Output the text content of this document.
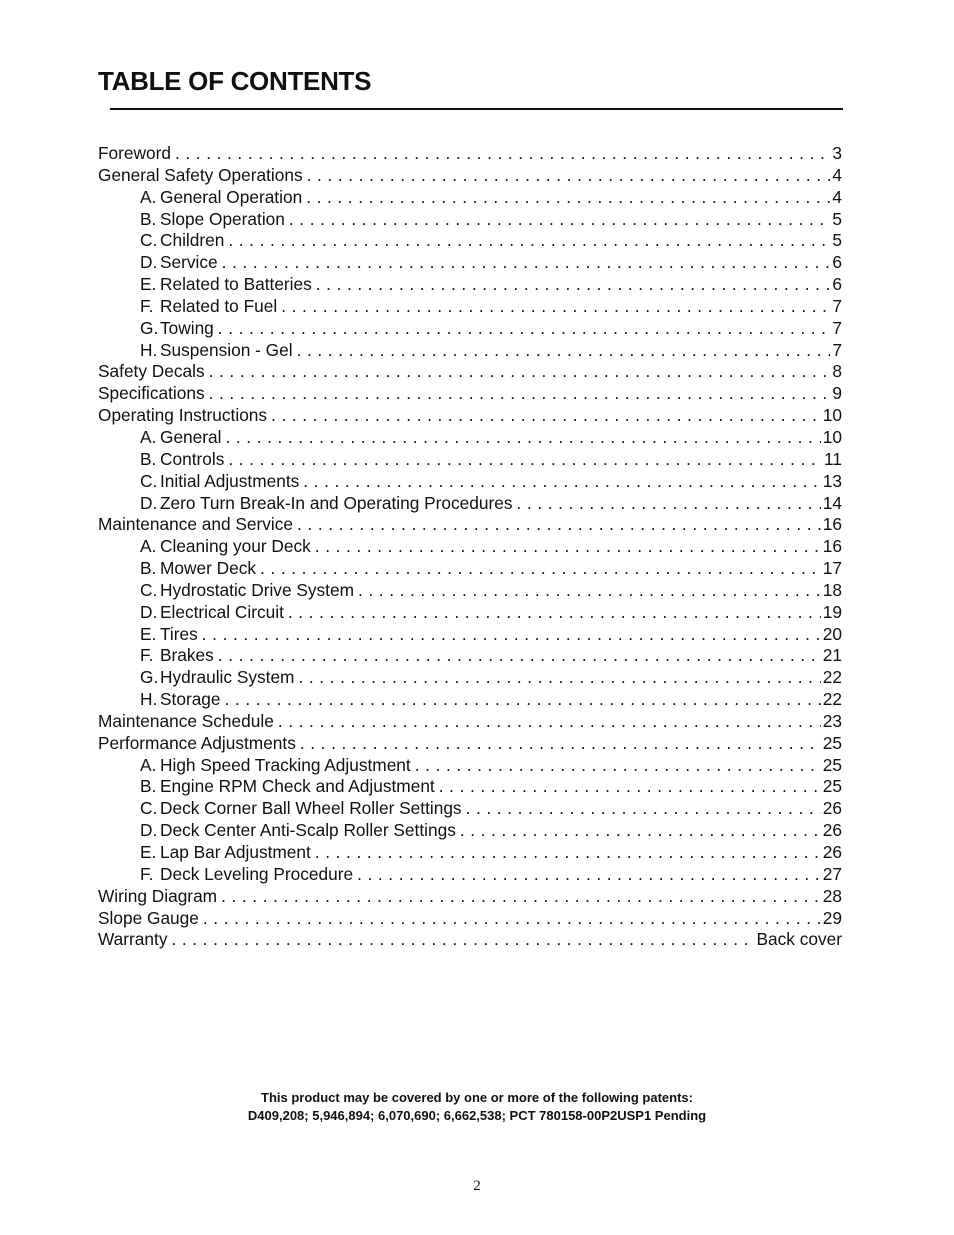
TABLE OF CONTENTS
Foreword . . .	3
General Safety Operations . . .	4
A. General Operation . . .	4
B. Slope Operation . . .	5
C. Children . . .	5
D. Service . . .	6
E. Related to Batteries . . .	6
F. Related to Fuel . . .	7
G. Towing . . .	7
H. Suspension - Gel . . .	7
Safety Decals . . .	8
Specifications . . .	9
Operating Instructions . . .	10
A. General . . .	10
B. Controls . . .	11
C. Initial Adjustments . . .	13
D. Zero Turn Break-In and Operating Procedures . . .	14
Maintenance and Service . . .	16
A. Cleaning your Deck . . .	16
B. Mower Deck . . .	17
C. Hydrostatic Drive System . . .	18
D. Electrical Circuit . . .	19
E. Tires . . .	20
F. Brakes . . .	21
G. Hydraulic System . . .	22
H. Storage . . .	22
Maintenance Schedule . . .	23
Performance Adjustments . . .	25
A. High Speed Tracking Adjustment . . .	25
B. Engine RPM Check and Adjustment . . .	25
C. Deck Corner Ball Wheel Roller Settings . . .	26
D. Deck Center Anti-Scalp Roller Settings . . .	26
E. Lap Bar Adjustment . . .	26
F. Deck Leveling Procedure . . .	27
Wiring Diagram . . .	28
Slope Gauge . . .	29
Warranty . . .	Back cover
This product may be covered by one or more of the following patents:
D409,208; 5,946,894; 6,070,690; 6,662,538; PCT 780158-00P2USP1 Pending
2
